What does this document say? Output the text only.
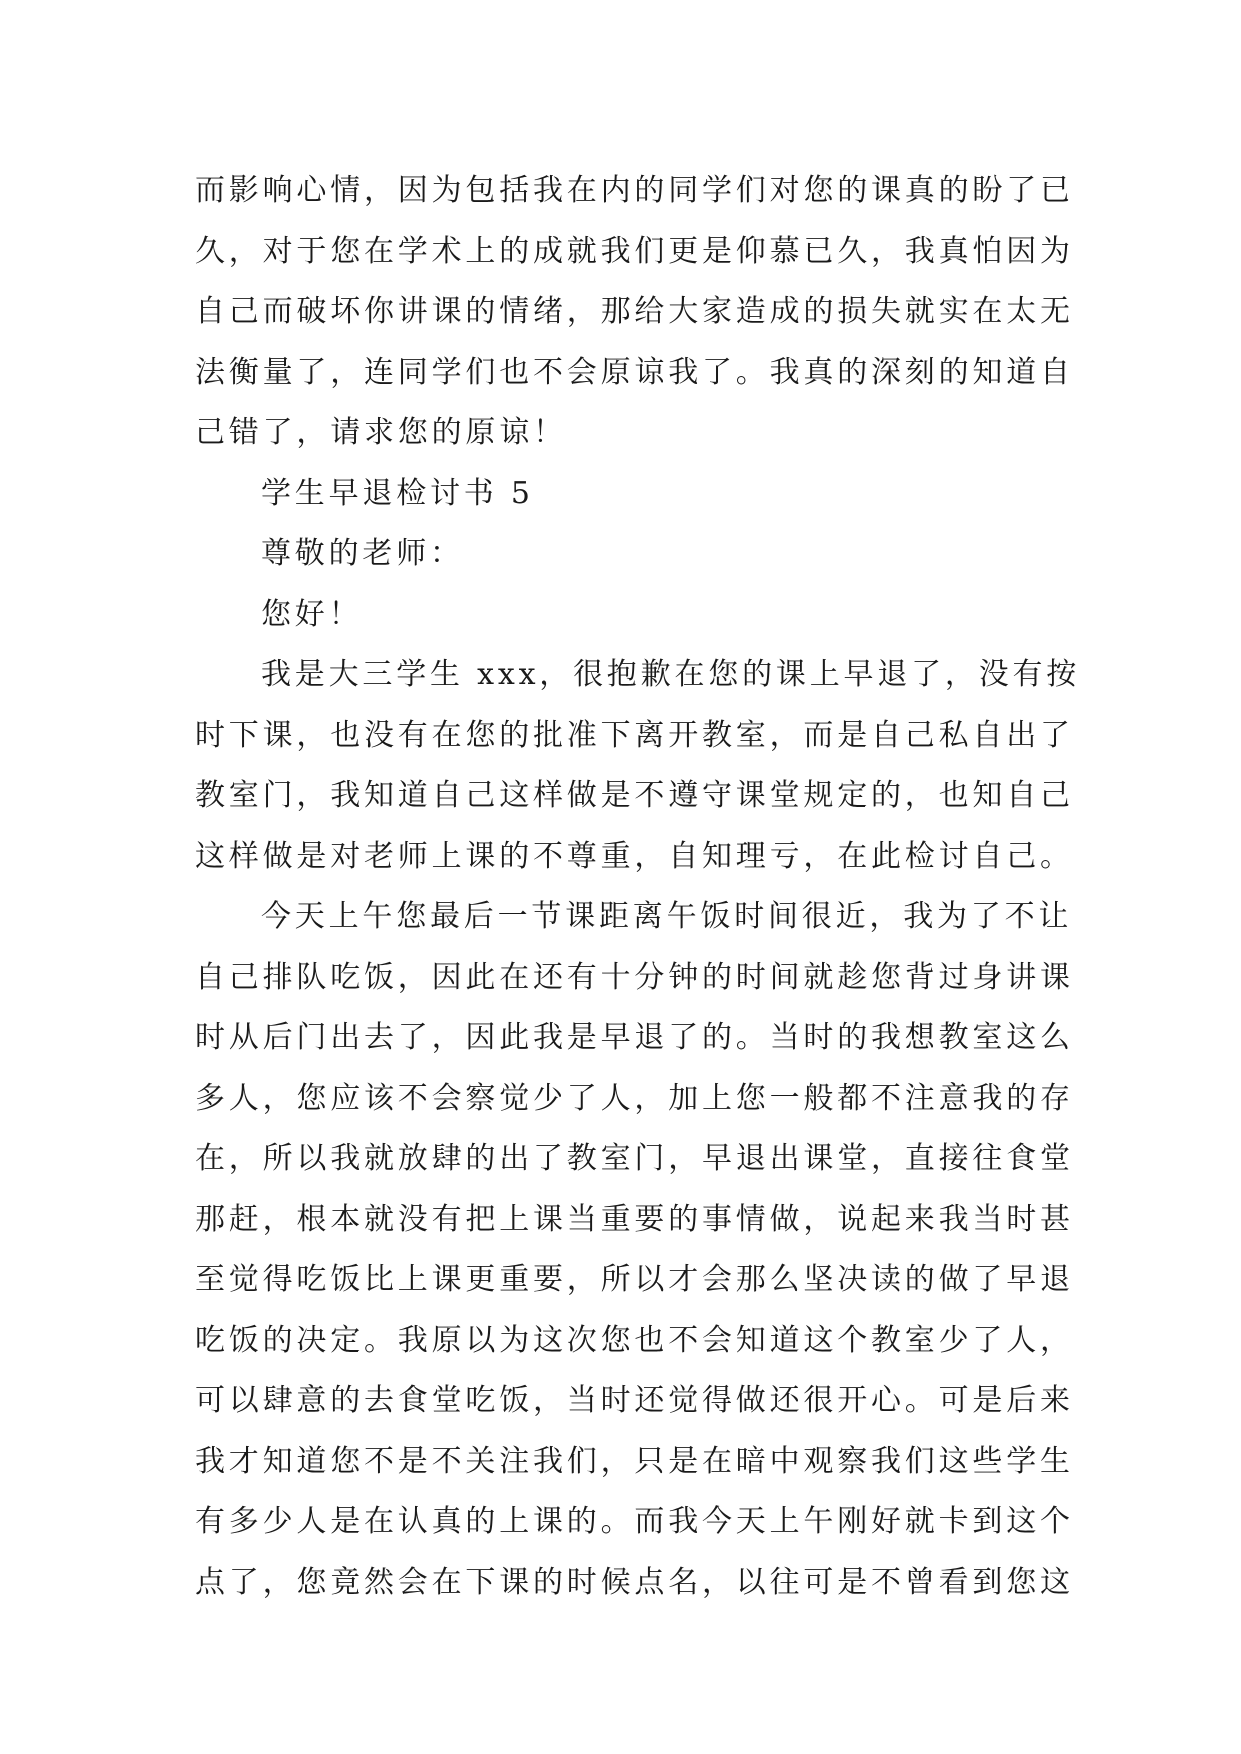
而影响心情，因为包括我在内的同学们对您的课真的盼了已
久，对于您在学术上的成就我们更是仰慕已久，我真怕因为
自己而破坏你讲课的情绪，那给大家造成的损失就实在太无
法衡量了，连同学们也不会原谅我了。我真的深刻的知道自
己错了，请求您的原谅！
学生早退检讨书 5
尊敬的老师：
您好！
我是大三学生 xxx，很抱歉在您的课上早退了，没有按
时下课，也没有在您的批准下离开教室，而是自己私自出了
教室门，我知道自己这样做是不遵守课堂规定的，也知自己
这样做是对老师上课的不尊重，自知理亏，在此检讨自己。
今天上午您最后一节课距离午饭时间很近，我为了不让
自己排队吃饭，因此在还有十分钟的时间就趁您背过身讲课
时从后门出去了，因此我是早退了的。当时的我想教室这么
多人，您应该不会察觉少了人，加上您一般都不注意我的存
在，所以我就放肆的出了教室门，早退出课堂，直接往食堂
那赶，根本就没有把上课当重要的事情做，说起来我当时甚
至觉得吃饭比上课更重要，所以才会那么坚决读的做了早退
吃饭的决定。我原以为这次您也不会知道这个教室少了人，
可以肆意的去食堂吃饭，当时还觉得做还很开心。可是后来
我才知道您不是不关注我们，只是在暗中观察我们这些学生
有多少人是在认真的上课的。而我今天上午刚好就卡到这个
点了，您竟然会在下课的时候点名，以往可是不曾看到您这
